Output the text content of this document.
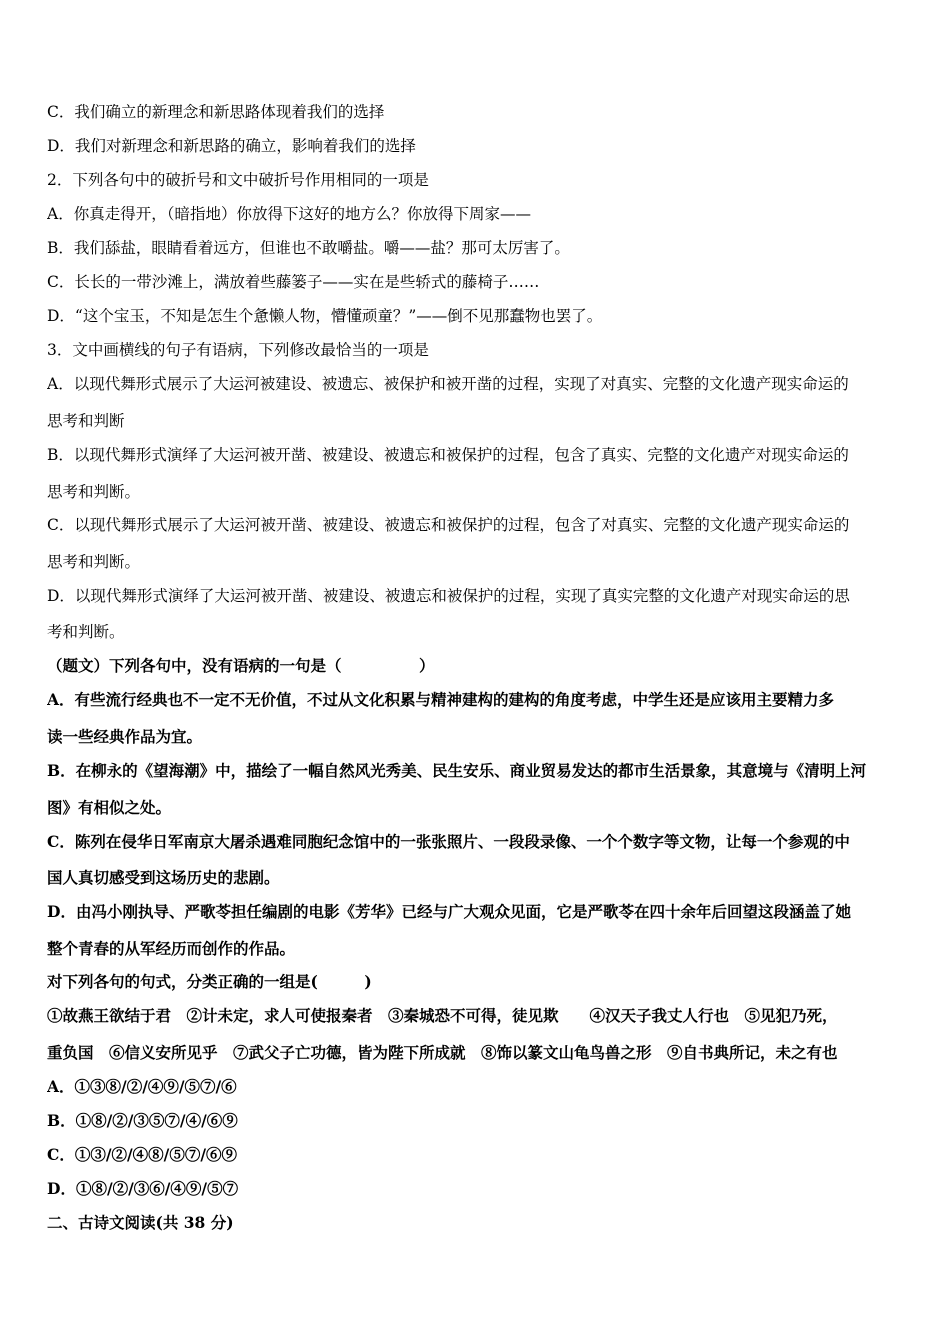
C．我们确立的新理念和新思路体现着我们的选择
D．我们对新理念和新思路的确立，影响着我们的选择
2．下列各句中的破折号和文中破折号作用相同的一项是
A．你真走得开，（暗指地）你放得下这好的地方么？你放得下周家——
B．我们舔盐，眼睛看着远方，但谁也不敢嚼盐。嚼——盐？那可太厉害了。
C．长长的一带沙滩上，满放着些藤篓子——实在是些轿式的藤椅子……
D．“这个宝玉，不知是怎生个惫懒人物，懵懂顽童？”——倒不见那蠢物也罢了。
3．文中画横线的句子有语病，下列修改最恰当的一项是
A．以现代舞形式展示了大运河被建设、被遗忘、被保护和被开凿的过程，实现了对真实、完整的文化遗产现实命运的
思考和判断
B．以现代舞形式演绎了大运河被开凿、被建设、被遗忘和被保护的过程，包含了真实、完整的文化遗产对现实命运的
思考和判断。
C．以现代舞形式展示了大运河被开凿、被建设、被遗忘和被保护的过程，包含了对真实、完整的文化遗产现实命运的
思考和判断。
D．以现代舞形式演绎了大运河被开凿、被建设、被遗忘和被保护的过程，实现了真实完整的文化遗产对现实命运的思
考和判断。
（题文）下列各句中，没有语病的一句是（　　　　　）
A．有些流行经典也不一定不无价值，不过从文化积累与精神建构的建构的角度考虑，中学生还是应该用主要精力多
读一些经典作品为宜。
B．在柳永的《望海潮》中，描绘了一幅自然风光秀美、民生安乐、商业贸易发达的都市生活景象，其意境与《清明上河
图》有相似之处。
C．陈列在侵华日军南京大屠杀遇难同胞纪念馆中的一张张照片、一段段录像、一个个数字等文物，让每一个参观的中
国人真切感受到这场历史的悲剧。
D．由冯小刚执导、严歌苓担任编剧的电影《芳华》已经与广大观众见面，它是严歌苓在四十余年后回望这段涵盖了她
整个青春的从军经历而创作的作品。
对下列各句的句式，分类正确的一组是(　　　)
①故燕王欲结于君　②计未定，求人可使报秦者　③秦城恐不可得，徒见欺　　④汉天子我丈人行也　⑤见犯乃死，
重负国　⑥信义安所见乎　⑦武父子亡功德，皆为陛下所成就　⑧饰以篆文山龟鸟兽之形　⑨自书典所记，未之有也
A．①③⑧/②/④⑨/⑤⑦/⑥
B．①⑧/②/③⑤⑦/④/⑥⑨
C．①③/②/④⑧/⑤⑦/⑥⑨
D．①⑧/②/③⑥/④⑨/⑤⑦
二、古诗文阅读(共 38 分)
